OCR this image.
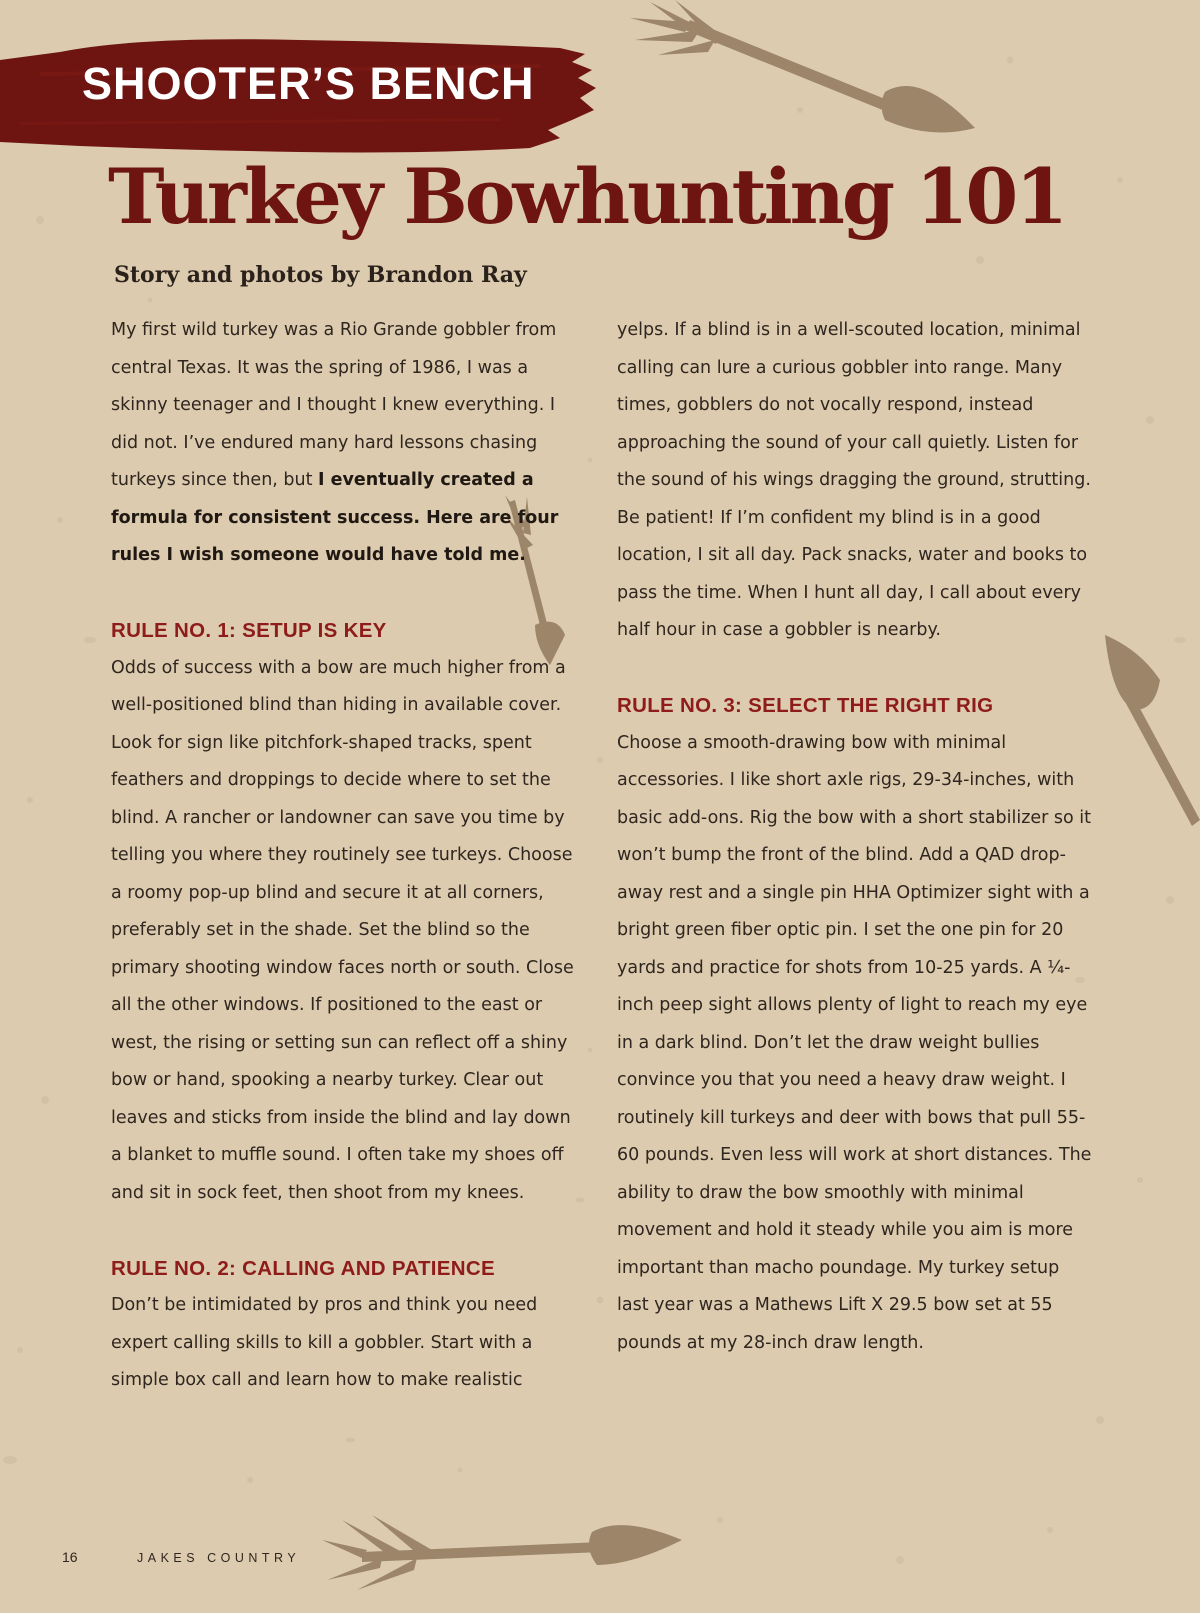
SHOOTER’S BENCH
Turkey Bowhunting 101
Story and photos by Brandon Ray

My first wild turkey was a Rio Grande gobbler from central Texas. It was the spring of 1986, I was a skinny teenager and I thought I knew everything. I did not. I’ve endured many hard lessons chasing turkeys since then, but I eventually created a formula for consistent success. Here are four rules I wish someone would have told me.

RULE NO. 1: SETUP IS KEY

Odds of success with a bow are much higher from a well-positioned blind than hiding in available cover. Look for sign like pitchfork-shaped tracks, spent feathers and droppings to decide where to set the blind. A rancher or landowner can save you time by telling you where they routinely see turkeys. Choose a roomy pop-up blind and secure it at all corners, preferably set in the shade. Set the blind so the primary shooting window faces north or south. Close all the other windows. If positioned to the east or west, the rising or setting sun can reflect off a shiny bow or hand, spooking a nearby turkey. Clear out leaves and sticks from inside the blind and lay down a blanket to muffle sound. I often take my shoes off and sit in sock feet, then shoot from my knees.

RULE NO. 2: CALLING AND PATIENCE

Don’t be intimidated by pros and think you need expert calling skills to kill a gobbler. Start with a simple box call and learn how to make realistic

yelps. If a blind is in a well-scouted location, minimal calling can lure a curious gobbler into range. Many times, gobblers do not vocally respond, instead approaching the sound of your call quietly. Listen for the sound of his wings dragging the ground, strutting. Be patient! If I’m confident my blind is in a good location, I sit all day. Pack snacks, water and books to pass the time. When I hunt all day, I call about every half hour in case a gobbler is nearby.

RULE NO. 3: SELECT THE RIGHT RIG

Choose a smooth-drawing bow with minimal accessories. I like short axle rigs, 29-34-inches, with basic add-ons. Rig the bow with a short stabilizer so it won’t bump the front of the blind. Add a QAD drop-away rest and a single pin HHA Optimizer sight with a bright green fiber optic pin. I set the one pin for 20 yards and practice for shots from 10-25 yards. A ¼-inch peep sight allows plenty of light to reach my eye in a dark blind. Don’t let the draw weight bullies convince you that you need a heavy draw weight. I routinely kill turkeys and deer with bows that pull 55-60 pounds. Even less will work at short distances. The ability to draw the bow smoothly with minimal movement and hold it steady while you aim is more important than macho poundage. My turkey setup last year was a Mathews Lift X 29.5 bow set at 55 pounds at my 28-inch draw length.

16	JAKES COUNTRY
